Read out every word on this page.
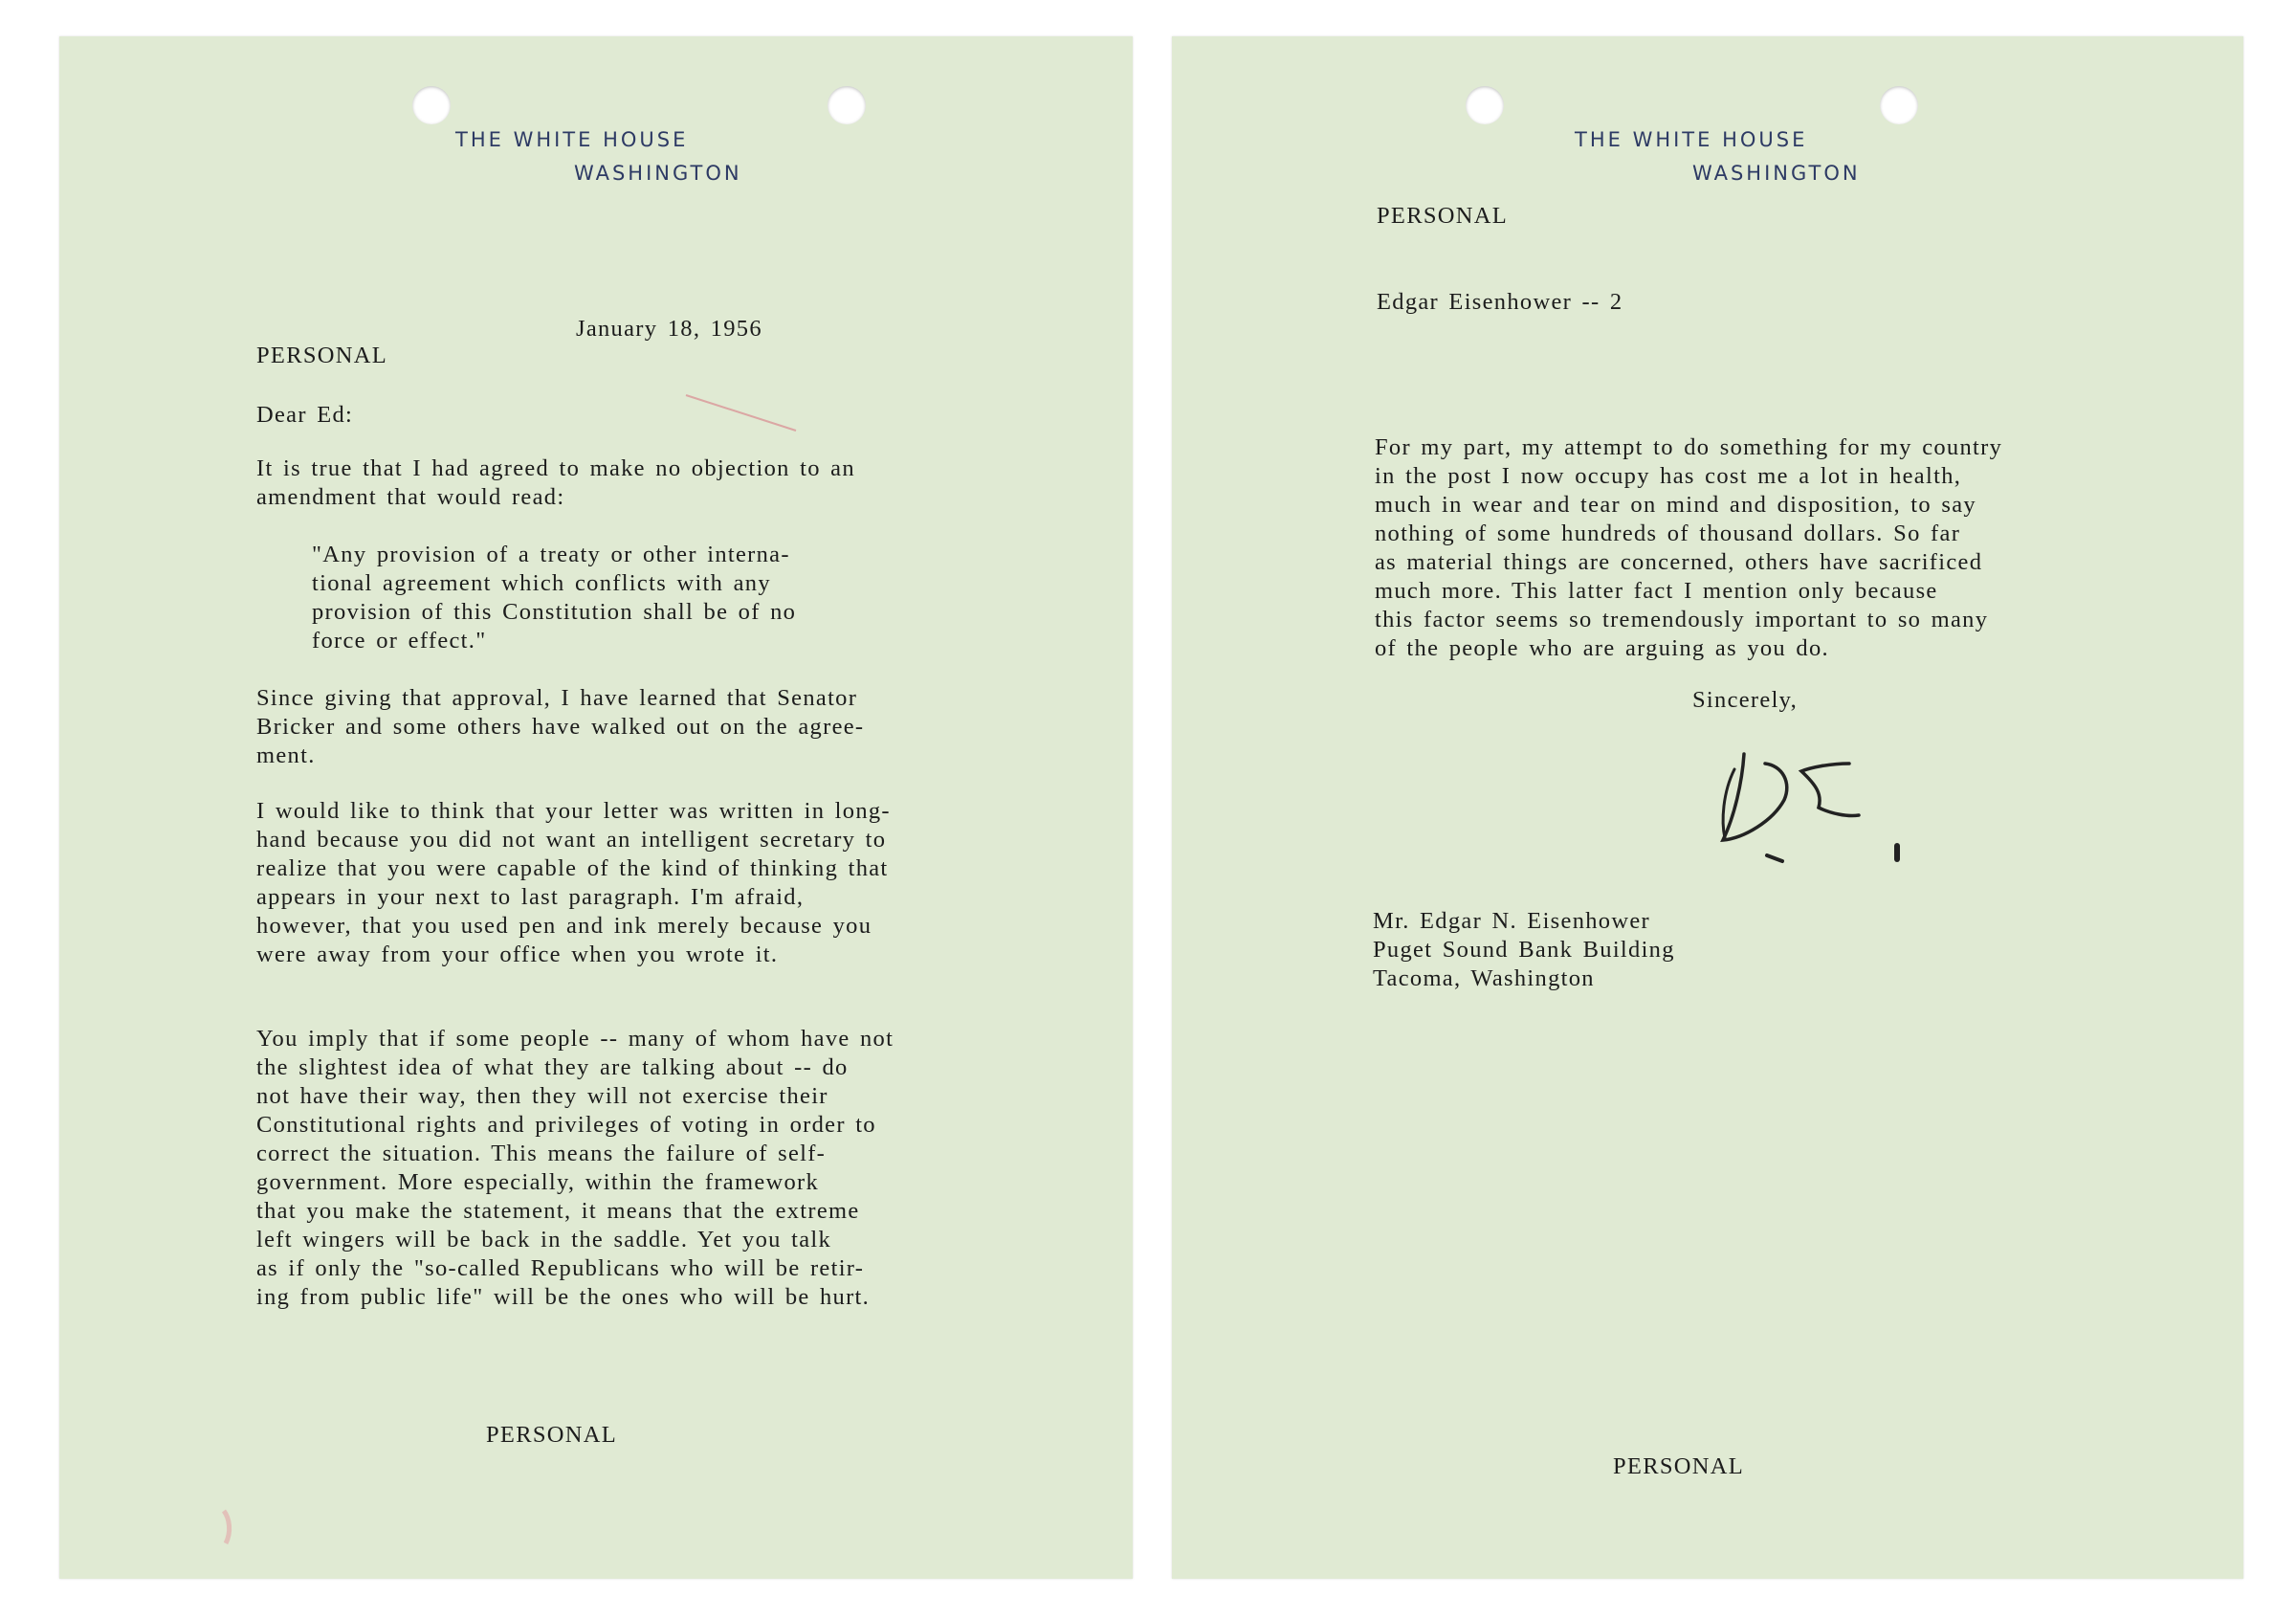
THE WHITE HOUSE
WASHINGTON
January 18, 1956
PERSONAL
Dear Ed:
It is true that I had agreed to make no objection to an
amendment that would read:
"Any provision of a treaty or other interna-
tional agreement which conflicts with any
provision of this Constitution shall be of no
force or effect."
Since giving that approval, I have learned that Senator
Bricker and some others have walked out on the agree-
ment.
I would like to think that your letter was written in long-
hand because you did not want an intelligent secretary to
realize that you were capable of the kind of thinking that
appears in your next to last paragraph. I'm afraid,
however, that you used pen and ink merely because you
were away from your office when you wrote it.
You imply that if some people -- many of whom have not
the slightest idea of what they are talking about -- do
not have their way, then they will not exercise their
Constitutional rights and privileges of voting in order to
correct the situation. This means the failure of self-
government. More especially, within the framework
that you make the statement, it means that the extreme
left wingers will be back in the saddle. Yet you talk
as if only the "so-called Republicans who will be retir-
ing from public life" will be the ones who will be hurt.
PERSONAL
THE WHITE HOUSE
WASHINGTON
PERSONAL
Edgar Eisenhower -- 2
For my part, my attempt to do something for my country
in the post I now occupy has cost me a lot in health,
much in wear and tear on mind and disposition, to say
nothing of some hundreds of thousand dollars. So far
as material things are concerned, others have sacrificed
much more. This latter fact I mention only because
this factor seems so tremendously important to so many
of the people who are arguing as you do.
Sincerely,
Mr. Edgar N. Eisenhower
Puget Sound Bank Building
Tacoma, Washington
PERSONAL
